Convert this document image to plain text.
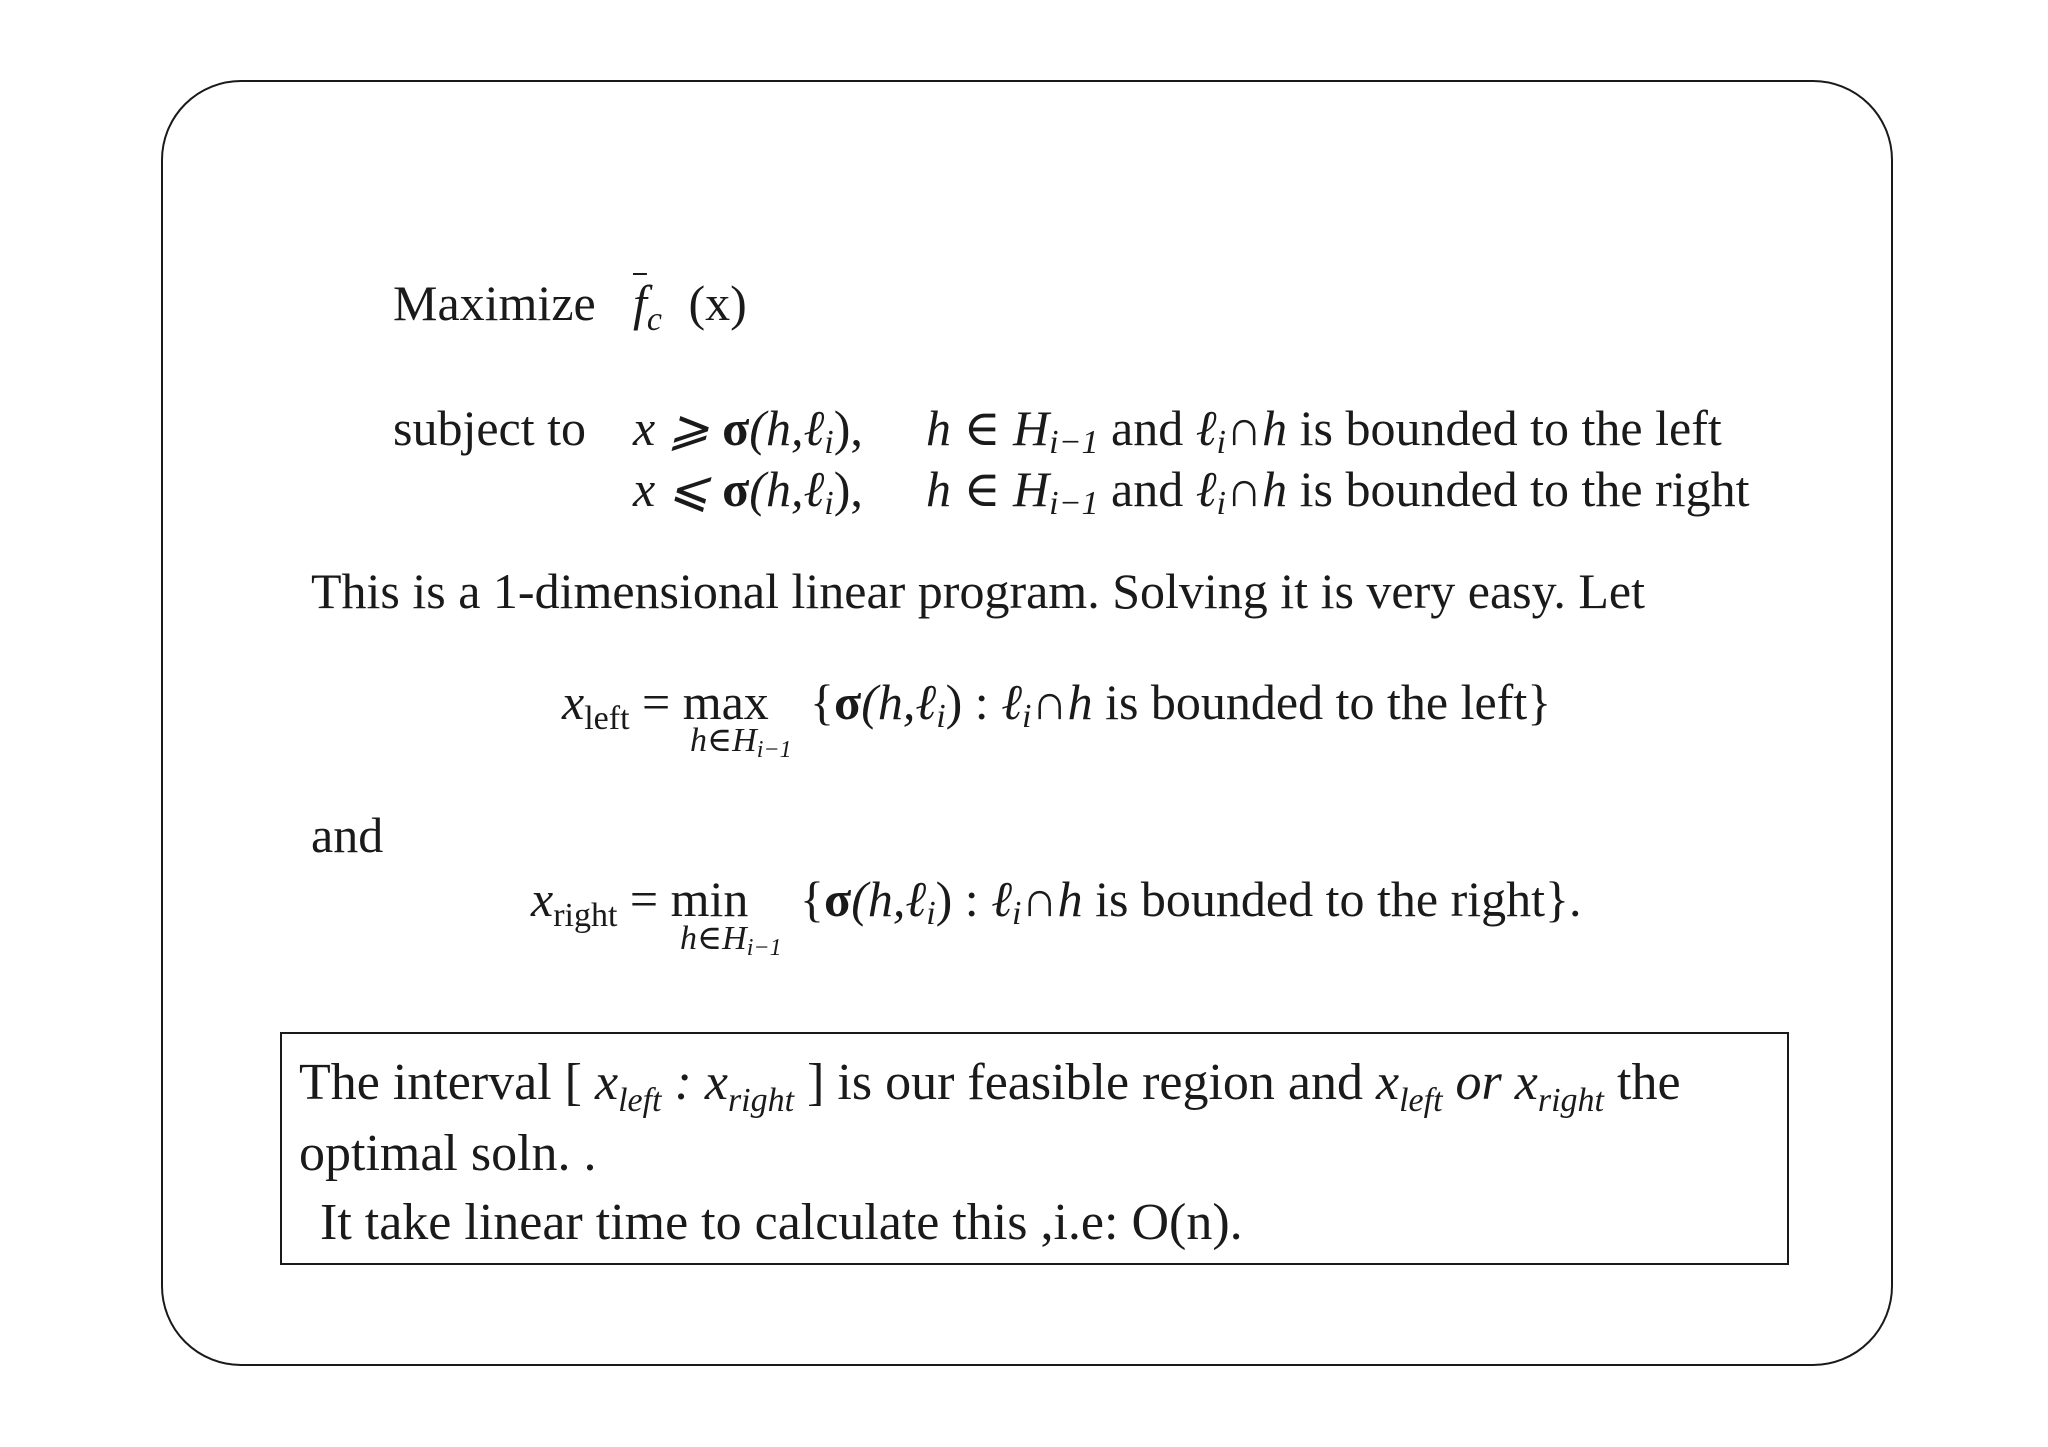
Maximize $\overline{f}_{c⃗}(x)$
subject to x ⩾ σ(h,ℓi), h ∈ Hi−1 and ℓi∩h is bounded to the left
x ⩽ σ(h,ℓi), h ∈ Hi−1 and ℓi∩h is bounded to the right
This is a 1-dimensional linear program. Solving it is very easy. Let
$x_{left} = \max$
h∈Hi−1
{σ(h,ℓi) : ℓi∩h is bounded to the left}
and
$x_{right} = \min$
h∈Hi−1
{σ(h,ℓi) : ℓi∩h is bounded to the right}.
The interval [ $x_{left}$ : $x_{right}$ ] is our feasible region and $x_{left}$ or $x_{right}$ the
optimal soln. .
It take linear time to calculate this ,i.e: O(n).
